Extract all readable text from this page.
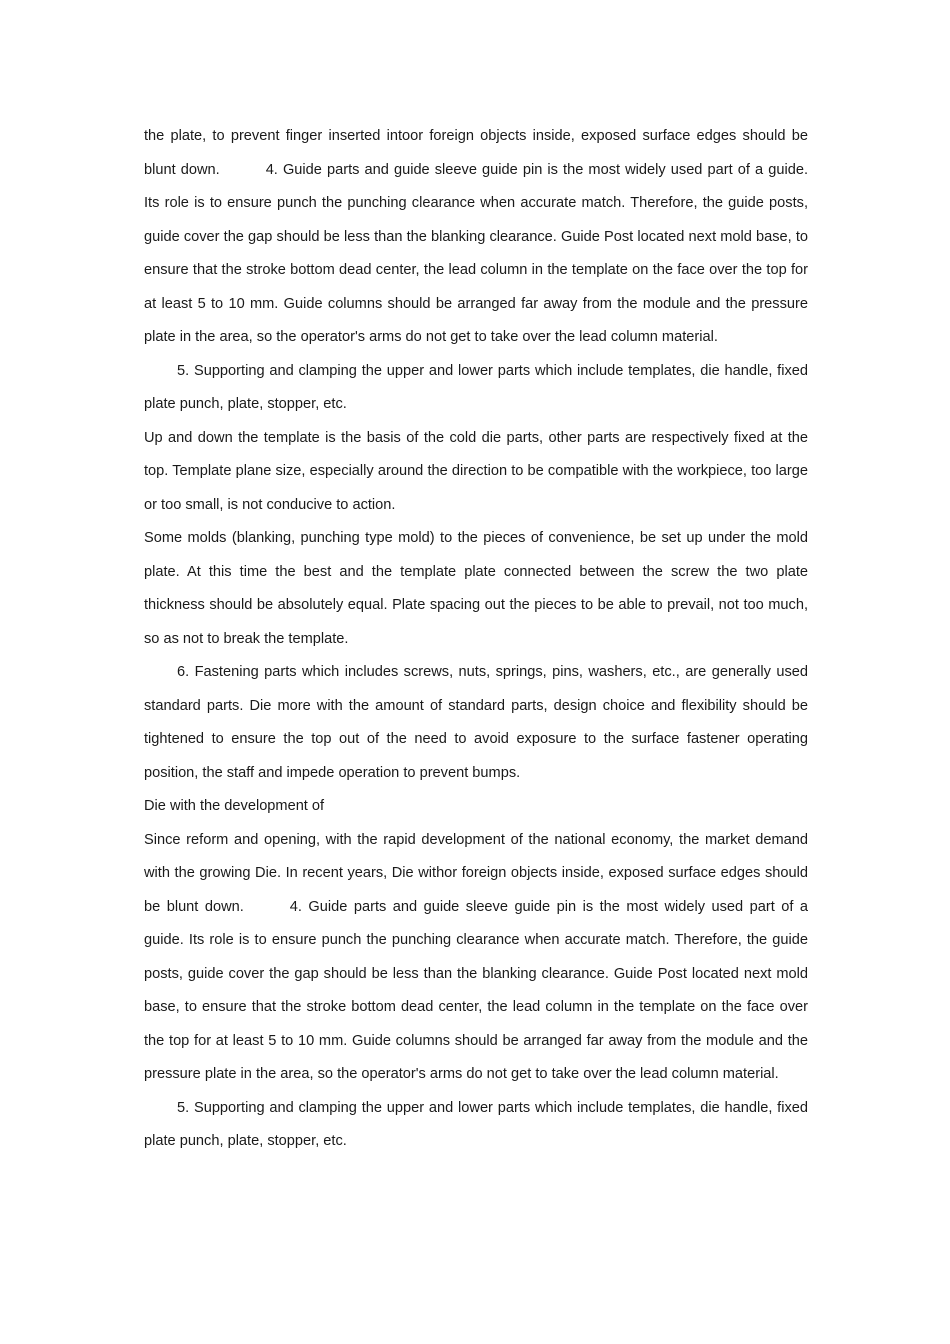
the plate, to prevent finger inserted intoor foreign objects inside, exposed surface edges should be blunt down.	4. Guide parts and guide sleeve guide pin is the most widely used part of a guide. Its role is to ensure punch the punching clearance when accurate match. Therefore, the guide posts, guide cover the gap should be less than the blanking clearance. Guide Post located next mold base, to ensure that the stroke bottom dead center, the lead column in the template on the face over the top for at least 5 to 10 mm. Guide columns should be arranged far away from the module and the pressure plate in the area, so the operator's arms do not get to take over the lead column material.

5. Supporting and clamping the upper and lower parts which include templates, die handle, fixed plate punch, plate, stopper, etc.

Up and down the template is the basis of the cold die parts, other parts are respectively fixed at the top. Template plane size, especially around the direction to be compatible with the workpiece, too large or too small, is not conducive to action.

Some molds (blanking, punching type mold) to the pieces of convenience, be set up under the mold plate. At this time the best and the template plate connected between the screw the two plate thickness should be absolutely equal. Plate spacing out the pieces to be able to prevail, not too much, so as not to break the template.

6. Fastening parts which includes screws, nuts, springs, pins, washers, etc., are generally used standard parts. Die more with the amount of standard parts, design choice and flexibility should be tightened to ensure the top out of the need to avoid exposure to the surface fastener operating position, the staff and impede operation to prevent bumps.

Die with the development of

Since reform and opening, with the rapid development of the national economy, the market demand with the growing Die. In recent years, Die withor foreign objects inside, exposed surface edges should be blunt down.	4. Guide parts and guide sleeve guide pin is the most widely used part of a guide. Its role is to ensure punch the punching clearance when accurate match. Therefore, the guide posts, guide cover the gap should be less than the blanking clearance. Guide Post located next mold base, to ensure that the stroke bottom dead center, the lead column in the template on the face over the top for at least 5 to 10 mm. Guide columns should be arranged far away from the module and the pressure plate in the area, so the operator's arms do not get to take over the lead column material.

5. Supporting and clamping the upper and lower parts which include templates, die handle, fixed plate punch, plate, stopper, etc.
